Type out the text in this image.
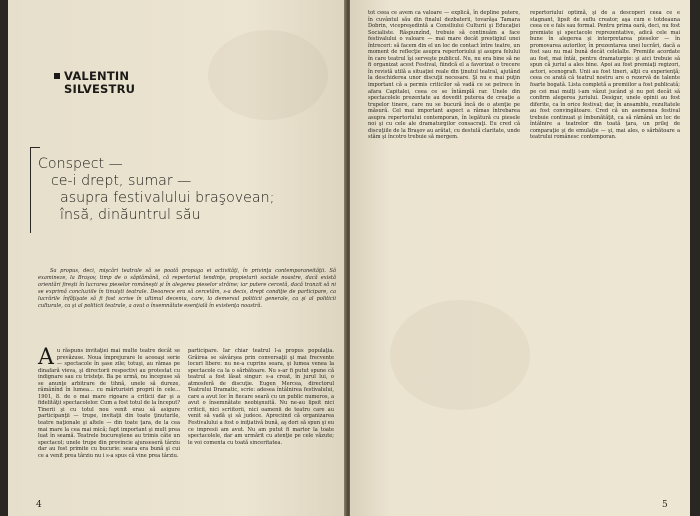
VALENTIN
SILVESTRU
Conspect —
ce-i drept, sumar —
asupra festivalului braşovean;
însă, dinăuntrul său
Sa propus, deci, mişcări teatrale să se poată propaga ei activităţi, în privinţa contemporaneităţii. Să examineze, la Braşov, timp de o săptămână, că repertoriul tendinţe, propietarii sociale noastre, dacă există orientări fireşti în lucrarea pieselor româneşti şi în alegerea pieselor străine; iar putere cercetă, dacă tranzit să ni se exprimă concluziile în tinuişti teatrale. Deoarece era să cercetăm, s-a decis, drept condiţie de participare, ca lucrările înfăţişate să fi fost scrise în ultimul deceniu, care, la demersul politicii generale, ca şi al politicii culturale, ca şi al politicii teatrale, a avut o însemnătate esenţială în existenţa noastră.

Au răspuns invitaţiei mai multe teatre decât se prevăzuse. Noua împrejurare le aceeaşi serie — spectacole în şase zile; totuşi, au rămas pe dinafară vieva, şi directorii respectivi au protestat cu indignare sau cu tristeţe. Ba pe urmă, nu începuse să se anunţe arbitrare de tihnă, unele să dureze, rămânînd în lumea... cu mărturisiri proprii în cele... 1901, 8. de o mai mare rigoare a criticii dar şi a fidelităţii spectacolelor. Cum a fost totul de la început? Tinerii şi cu totul nou venit erau să asigure participanţii — trupe, invitaţii din toate ţinuturile, teatre naţionale şi altele — din toate ţara, de la cea mai mare la cea mai mică; fapt important şi mult prea luat în seamă. Teatrele bucureştene au trimis câte un spectacol; unele trupe din provincie ajunseseră târziu dar au fost primite cu bucurie: seara era bună şi cui ce a venit prea târziu nu i s-a spus că vine prea târziu.

participare. Iar chiar teatrul l-a propus populaţia. Grăirea se săvârşea prin conversaţii şi mai frecvente locuri libere: nu ne-a cuprins seara, şi lumea venea la spectacole ca la o sărbătoare. Nu s-ar fi putut spune că teatrul a fost lăsat singur: s-a creat, în jurul lui, o atmosferă de discuţie. Eugen Mercea, directorul Teatrului Dramatic, scrie: adesea întâlnirea festivalului, care a avut loc în fiecare seară cu un public numeros, a avut o însemnătate neobişnuită. Nu ne-au lipsit nici criticii, nici scriitorii, nici oamenii de teatru care au venit să vadă şi să judece. Apreciind că organizarea Festivalului a fost o iniţiativă bună, aş dori să spun şi eu ce impresii am avut. Nu am putut fi martor la toate spectacolele, dar am urmărit cu atenţie pe cele văzute; le voi comenta cu toată sinceritatea.

4

tot ceea ce avem ca valoare — explică, în depline putere, în cuvântul său din finalul dezbaterii, tovarăşa Tamara Dobrin, vicepreşedintă a Consiliului Culturii şi Educaţiei Socialiste. Răspunzînd, trebuie să continuăm a face festivalului o valoare — mai mare decât prestigiul unei întreceri: să facem din el un loc de contact între teatre, un moment de reflecţie asupra repertoriului şi asupra felului în care teatrul îşi serveşte publicul. Nu, nu era bine să ne fi organizat acest Festival, fiindcă el a favorizat o trecere în revistă utilă a situaţiei reale din ţinutul teatral, ajutând la deschiderea unor discuţii necesare. Şi nu e mai puţin important că a permis criticilor să vadă ce se petrece în afara Capitalei, ceea ce se întâmplă rar. Unele din spectacolele prezentate au dovedit puterea de creaţie a trupelor tinere, care nu se bucură încă de o atenţie pe măsură. Cel mai important aspect a rămas întrebarea asupra repertoriului contemporan, în legătură cu piesele noi şi cu cele ale dramaturgilor consacraţi. Eu cred că discuţiile de la Braşov au arătat, cu destulă claritate, unde stăm şi încotro trebuie să mergem.

repertoriului optimă, şi de a descoperi ceea ce e stagnant, lipsit de suflu creator, aşa cum e totdeauna ceea ce e fals sau formal. Pentru prima oară, deci, nu fost premiate şi spectacole reprezentative, adică cele mai bune în alegerea şi interpretarea pieselor — în promovarea autorilor, în prezentarea unei lucrări, dacă a fost sau nu mai bună decât celelalte. Premiile acordate au fost, mai întâi, pentru dramaturgie: şi aici trebuie să spun că juriul a ales bine. Apoi au fost premiaţi regizori, actori, scenografi. Unii au fost tineri, alţii cu experienţă; ceea ce arată că teatrul nostru are o rezervă de talente foarte bogată. Lista completă a premiilor a fost publicată; pe cei mai mulţi i-am văzut jucând şi nu pot decât să confirm alegerea juriului. Desigur, unele opinii au fost diferite, ca în orice festival; dar, în ansamblu, rezultatele au fost convingătoare. Cred că un asemenea festival trebuie continuat şi îmbunătăţit, ca să rămână un loc de întâlnire a teatrelor din toată ţara, un prilej de comparaţie şi de emulaţie — şi, mai ales, o sărbătoare a teatrului românesc contemporan.

5
